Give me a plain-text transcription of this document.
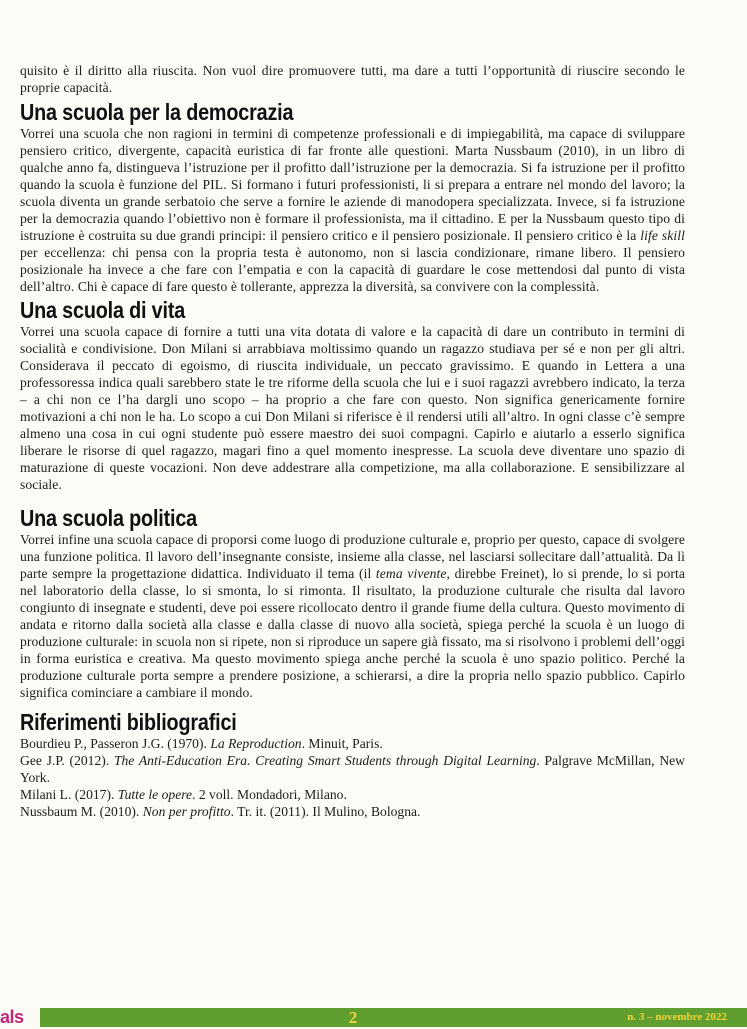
quisito è il diritto alla riuscita. Non vuol dire promuovere tutti, ma dare a tutti l’opportunità di riuscire secondo le proprie capacità.

Una scuola per la democrazia

Vorrei una scuola che non ragioni in termini di competenze professionali e di impiegabilità, ma capace di sviluppare pensiero critico, divergente, capacità euristica di far fronte alle questioni. Marta Nussbaum (2010), in un libro di qualche anno fa, distingueva l’istruzione per il profitto dall’istruzione per la democrazia. Si fa istruzione per il profitto quando la scuola è funzione del PIL. Si formano i futuri professionisti, li si prepara a entrare nel mondo del lavoro; la scuola diventa un grande serbatoio che serve a fornire le aziende di manodopera specializzata. Invece, si fa istruzione per la democrazia quando l’obiettivo non è formare il professionista, ma il cittadino. E per la Nussbaum questo tipo di istruzione è costruita su due grandi principi: il pensiero critico e il pensiero posizionale. Il pensiero critico è la life skill per eccellenza: chi pensa con la propria testa è autonomo, non si lascia condizionare, rimane libero. Il pensiero posizionale ha invece a che fare con l’empatia e con la capacità di guardare le cose mettendosi dal punto di vista dell’altro. Chi è capace di fare questo è tollerante, apprezza la diversità, sa convivere con la complessità.

Una scuola di vita

Vorrei una scuola capace di fornire a tutti una vita dotata di valore e la capacità di dare un contributo in termini di socialità e condivisione. Don Milani si arrabbiava moltissimo quando un ragazzo studiava per sé e non per gli altri. Considerava il peccato di egoismo, di riuscita individuale, un peccato gravissimo. E quando in Lettera a una professoressa indica quali sarebbero state le tre riforme della scuola che lui e i suoi ragazzi avrebbero indicato, la terza – a chi non ce l’ha dargli uno scopo – ha proprio a che fare con questo. Non significa genericamente fornire motivazioni a chi non le ha. Lo scopo a cui Don Milani si riferisce è il rendersi utili all’altro. In ogni classe c’è sempre almeno una cosa in cui ogni studente può essere maestro dei suoi compagni. Capirlo e aiutarlo a esserlo significa liberare le risorse di quel ragazzo, magari fino a quel momento inespresse. La scuola deve diventare uno spazio di maturazione di queste vocazioni. Non deve addestrare alla competizione, ma alla collaborazione. E sensibilizzare al sociale.

Una scuola politica

Vorrei infine una scuola capace di proporsi come luogo di produzione culturale e, proprio per questo, capace di svolgere una funzione politica. Il lavoro dell’insegnante consiste, insieme alla classe, nel lasciarsi sollecitare dall’attualità. Da lì parte sempre la progettazione didattica. Individuato il tema (il tema vivente, direbbe Freinet), lo si prende, lo si porta nel laboratorio della classe, lo si smonta, lo si rimonta. Il risultato, la produzione culturale che risulta dal lavoro congiunto di insegnate e studenti, deve poi essere ricollocato dentro il grande fiume della cultura. Questo movimento di andata e ritorno dalla società alla classe e dalla classe di nuovo alla società, spiega perché la scuola è un luogo di produzione culturale: in scuola non si ripete, non si riproduce un sapere già fissato, ma si risolvono i problemi dell’oggi in forma euristica e creativa. Ma questo movimento spiega anche perché la scuola è uno spazio politico. Perché la produzione culturale porta sempre a prendere posizione, a schierarsi, a dire la propria nello spazio pubblico. Capirlo significa cominciare a cambiare il mondo.

Riferimenti bibliografici

Bourdieu P., Passeron J.G. (1970). La Reproduction. Minuit, Paris.

Gee J.P. (2012). The Anti-Education Era. Creating Smart Students through Digital Learning. Palgrave McMillan, New York.

Milani L. (2017). Tutte le opere. 2 voll. Mondadori, Milano.

Nussbaum M. (2010). Non per profitto. Tr. it. (2011). Il Mulino, Bologna.

als	2	n. 3 – novembre 2022
